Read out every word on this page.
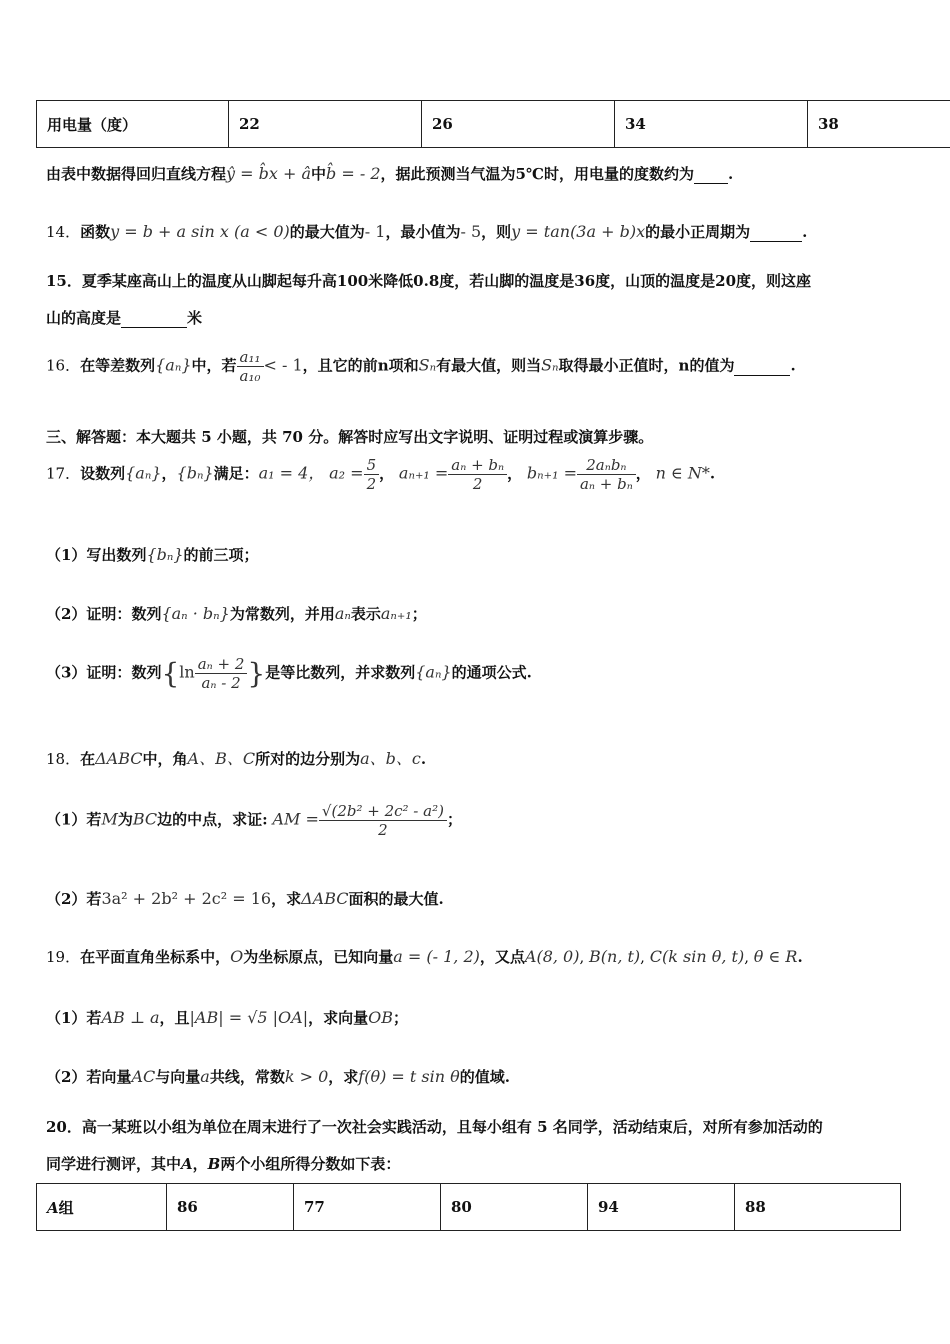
用电量（度）	22	26	34	38
由表中数据得回归直线方程ŷ = b̂x + â中b̂ = - 2，据此预测当气温为5℃时，用电量的度数约为 .
14．函数y = b + a sin x (a < 0)的最大值为- 1，最小值为- 5，则y = tan(3a + b)x的最小正周期为	.
15．夏季某座高山上的温度从山脚起每升高100米降低0.8度，若山脚的温度是36度，山顶的温度是20度，则这座
山的高度是	米
16．在等差数列{aₙ}中，若 $\frac{\text{a₁₁}}{\text{a₁₀}}$ < - 1，且它的前n项和Sₙ有最大值，则当Sₙ取得最小正值时，n的值为	.
三、解答题：本大题共 5 小题，共 70 分。解答时应写出文字说明、证明过程或演算步骤。
17．设数列{aₙ}，{bₙ}满足：a₁ = 4， $a_2 = \frac{5}{2}$ ， $a_{n+1} = \frac{\text{aₙ + bₙ}}{2}$ ， $b_{n+1} = \frac{\text{2aₙbₙ}}{\text{aₙ + bₙ}}$ ， n ∈ N*.
（1）写出数列{bₙ}的前三项；
（2）证明：数列{aₙ · bₙ}为常数列，并用aₙ表示aₙ₊₁；
（3）证明：数列{$\ln \frac{\text{aₙ + 2}}{\text{aₙ - 2}}$ }是等比数列，并求数列{aₙ}的通项公式.
18．在ΔABC中，角A、B、C所对的边分别为a、b、c.
（1）若M为BC边的中点，求证: AM = $\frac{\text{√(2b² + 2c² - a²)}}{2}$ ；
（2）若3a² + 2b² + 2c² = 16，求ΔABC面积的最大值.
19．在平面直角坐标系中，O为坐标原点，已知向量a = (- 1, 2)，又点A(8, 0), B(n, t), C(k sin θ, t), θ ∈ R.
（1）若AB ⊥ a，且|AB| = √5 |OA|，求向量OB；
（2）若向量AC与向量a共线，常数k > 0，求f(θ) = t sin θ的值域.
20．高一某班以小组为单位在周末进行了一次社会实践活动，且每小组有 5 名同学，活动结束后，对所有参加活动的
同学进行测评，其中A，B两个小组所得分数如下表：
A组	86	77	80	94	88
